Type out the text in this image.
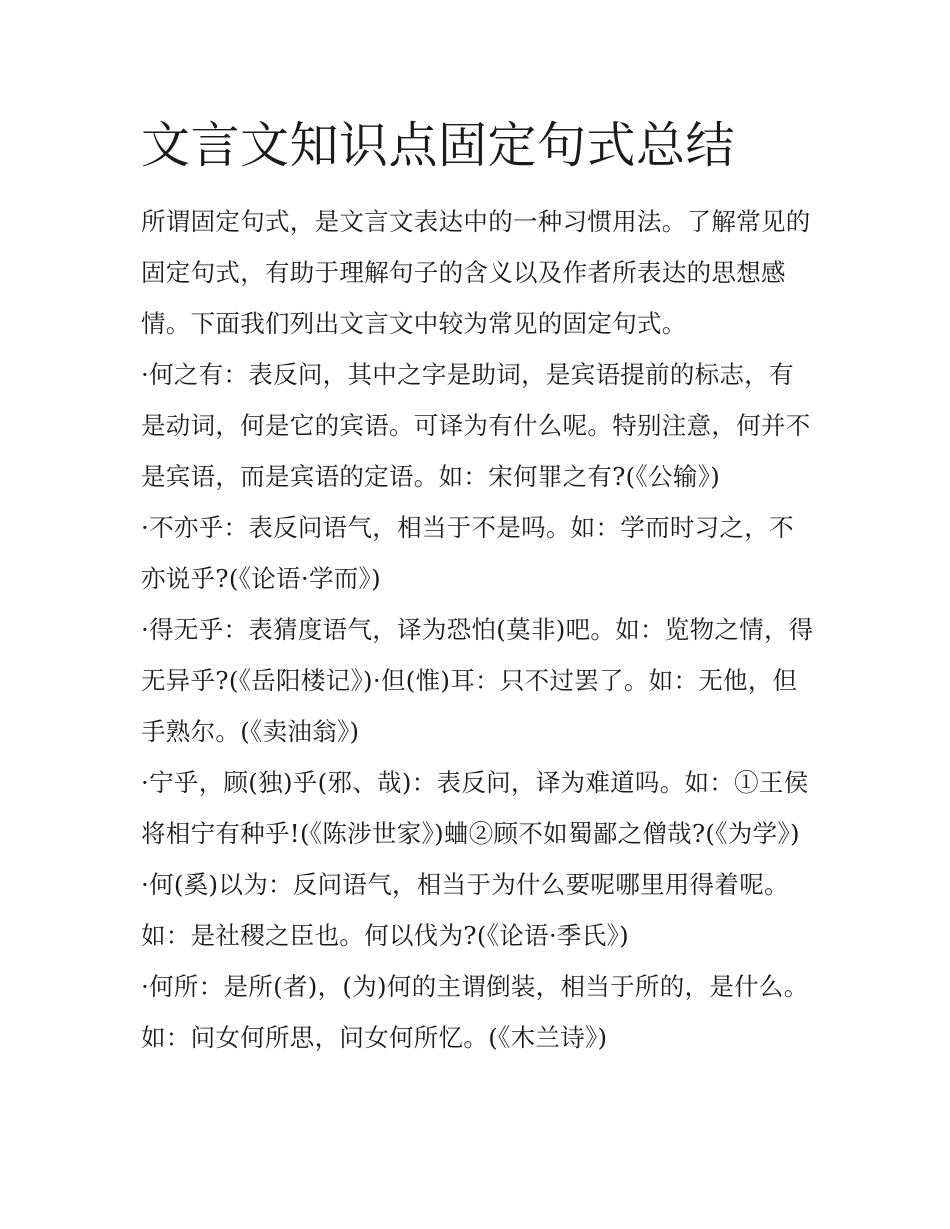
文言文知识点固定句式总结

所谓固定句式，是文言文表达中的一种习惯用法。了解常见的固定句式，有助于理解句子的含义以及作者所表达的思想感情。下面我们列出文言文中较为常见的固定句式。

·何之有：表反问，其中之字是助词，是宾语提前的标志，有是动词，何是它的宾语。可译为有什么呢。特别注意，何并不是宾语，而是宾语的定语。如：宋何罪之有?(《公输》)

·不亦乎：表反问语气，相当于不是吗。如：学而时习之，不亦说乎?(《论语·学而》)

·得无乎：表猜度语气，译为恐怕(莫非)吧。如：览物之情，得无异乎?(《岳阳楼记》)·但(惟)耳：只不过罢了。如：无他，但手熟尔。(《卖油翁》)

·宁乎，顾(独)乎(邪、哉)：表反问，译为难道吗。如：①王侯将相宁有种乎!(《陈涉世家》)蛐②顾不如蜀鄙之僧哉?(《为学》)

·何(奚)以为：反问语气，相当于为什么要呢哪里用得着呢。如：是社稷之臣也。何以伐为?(《论语·季氏》)

·何所：是所(者)，(为)何的主谓倒装，相当于所的，是什么。如：问女何所思，问女何所忆。(《木兰诗》)
